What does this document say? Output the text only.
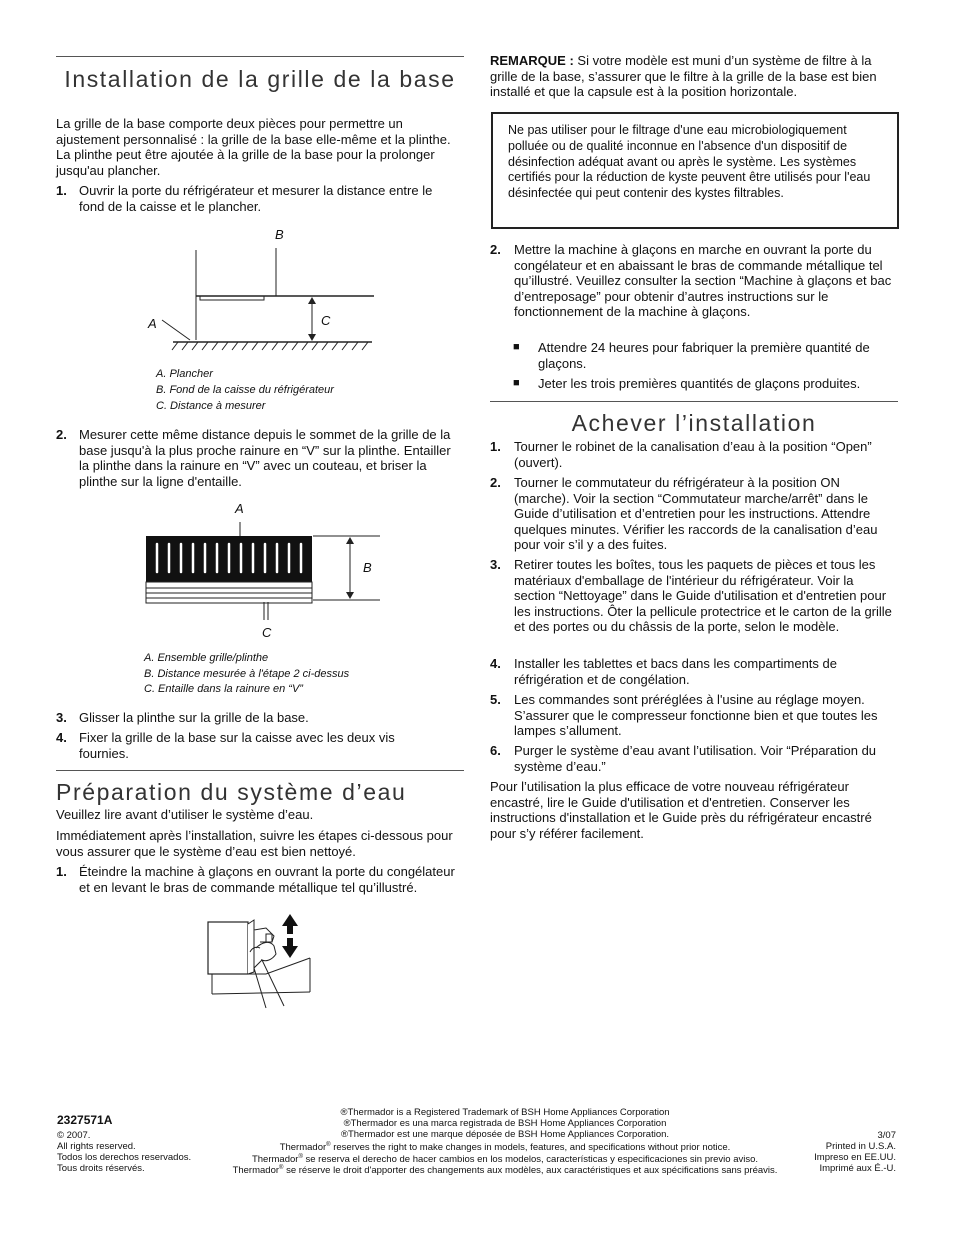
Installation de la grille de la base
La grille de la base comporte deux pièces pour permettre un ajustement personnalisé : la grille de la base elle-même et la plinthe. La plinthe peut être ajoutée à la grille de la base pour la prolonger jusqu'au plancher.
1. Ouvrir la porte du réfrigérateur et mesurer la distance entre le fond de la caisse et le plancher.
B
A	C
A. Plancher
B. Fond de la caisse du réfrigérateur
C. Distance à mesurer
2. Mesurer cette même distance depuis le sommet de la grille de la base jusqu'à la plus proche rainure en “V” sur la plinthe. Entailler la plinthe dans la rainure en “V” avec un couteau, et briser la plinthe sur la ligne d'entaille.
A
B
C
A. Ensemble grille/plinthe
B. Distance mesurée à l'étape 2 ci-dessus
C. Entaille dans la rainure en “V”
3. Glisser la plinthe sur la grille de la base.
4. Fixer la grille de la base sur la caisse avec les deux vis fournies.
Préparation du système d’eau
Veuillez lire avant d’utiliser le système d’eau.
Immédiatement après l’installation, suivre les étapes ci-dessous pour vous assurer que le système d’eau est bien nettoyé.
1. Éteindre la machine à glaçons en ouvrant la porte du congélateur et en levant le bras de commande métallique tel qu’illustré.
REMARQUE : Si votre modèle est muni d’un système de filtre à la grille de la base, s’assurer que le filtre à la grille de la base est bien installé et que la capsule est à la position horizontale.
Ne pas utiliser pour le filtrage d'une eau microbiologiquement polluée ou de qualité inconnue en l'absence d'un dispositif de désinfection adéquat avant ou après le système. Les systèmes certifiés pour la réduction de kyste peuvent être utilisés pour l'eau désinfectée qui peut contenir des kystes filtrables.
2. Mettre la machine à glaçons en marche en ouvrant la porte du congélateur et en abaissant le bras de commande métallique tel qu’illustré. Veuillez consulter la section “Machine à glaçons et bac d’entreposage” pour obtenir d’autres instructions sur le fonctionnement de la machine à glaçons.
■ Attendre 24 heures pour fabriquer la première quantité de glaçons.
■ Jeter les trois premières quantités de glaçons produites.
Achever l’installation
1. Tourner le robinet de la canalisation d’eau à la position “Open” (ouvert).
2. Tourner le commutateur du réfrigérateur à la position ON (marche). Voir la section “Commutateur marche/arrêt” dans le Guide d’utilisation et d’entretien pour les instructions. Attendre quelques minutes. Vérifier les raccords de la canalisation d’eau pour voir s’il y a des fuites.
3. Retirer toutes les boîtes, tous les paquets de pièces et tous les matériaux d'emballage de l'intérieur du réfrigérateur. Voir la section “Nettoyage” dans le Guide d'utilisation et d'entretien pour les instructions. Ôter la pellicule protectrice et le carton de la grille et des portes ou du châssis de la porte, selon le modèle.
4. Installer les tablettes et bacs dans les compartiments de réfrigération et de congélation.
5. Les commandes sont préréglées à l'usine au réglage moyen. S’assurer que le compresseur fonctionne bien et que toutes les lampes s’allument.
6. Purger le système d’eau avant l’utilisation. Voir “Préparation du système d’eau.”
Pour l’utilisation la plus efficace de votre nouveau réfrigérateur encastré, lire le Guide d'utilisation et d'entretien. Conserver les instructions d'installation et le Guide près du réfrigérateur encastré pour s’y référer facilement.
2327571A
© 2007.
All rights reserved.
Todos los derechos reservados.
Tous droits réservés.
®Thermador is a Registered Trademark of BSH Home Appliances Corporation
®Thermador es una marca registrada de BSH Home Appliances Corporation
®Thermador est une marque déposée de BSH Home Appliances Corporation.
Thermador® reserves the right to make changes in models, features, and specifications without prior notice.
Thermador® se reserva el derecho de hacer cambios en los modelos, características y especificaciones sin previo aviso.
Thermador® se réserve le droit d'apporter des changements aux modèles, aux caractéristiques et aux spécifications sans préavis.
3/07
Printed in U.S.A.
Impreso en EE.UU.
Imprimé aux É.-U.
